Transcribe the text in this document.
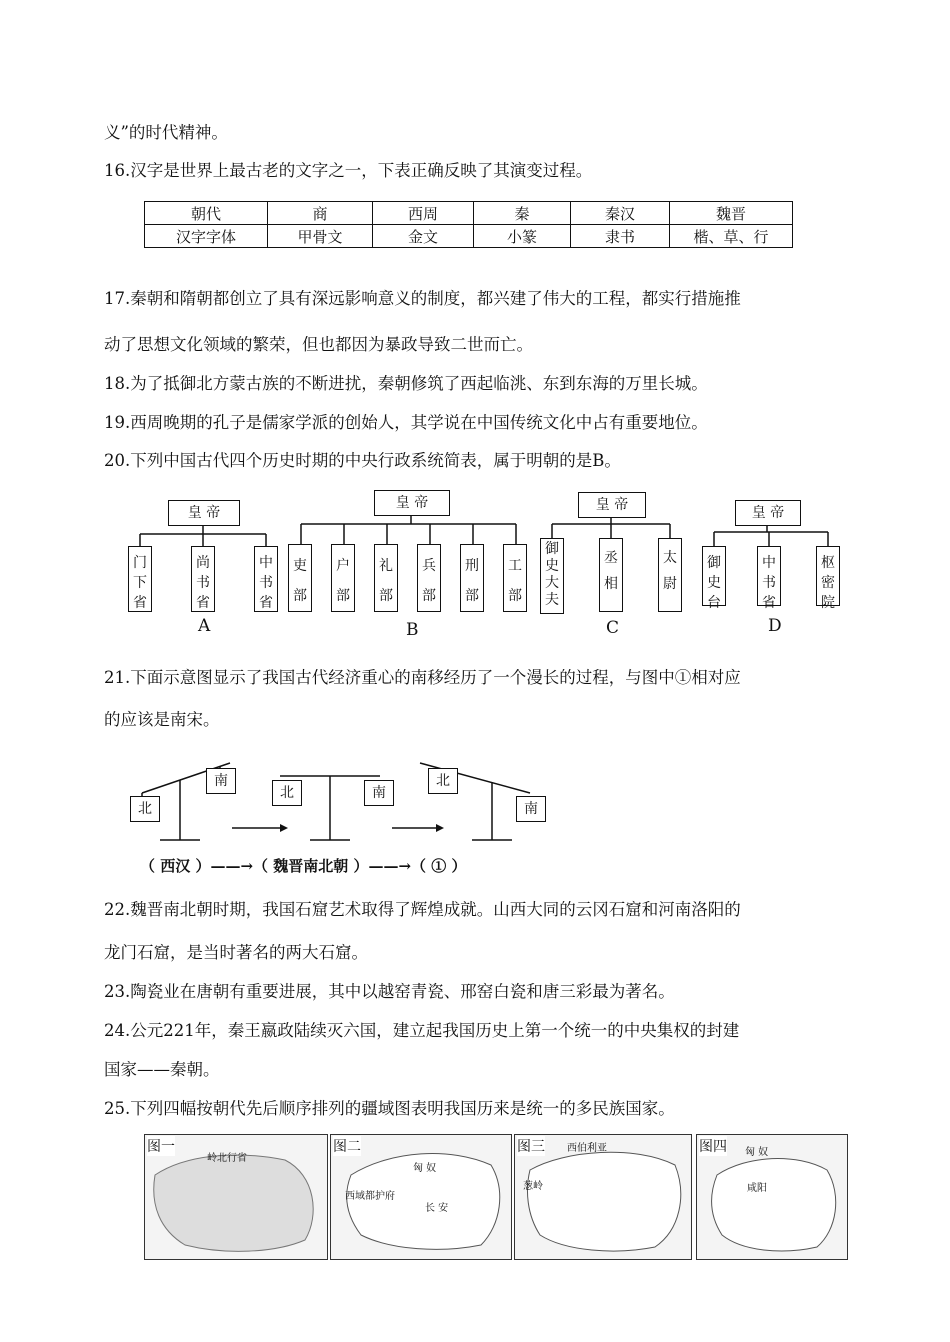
义”的时代精神。
16.汉字是世界上最古老的文字之一，下表正确反映了其演变过程。
朝代	商	西周	秦	秦汉	魏晋
汉字字体	甲骨文	金文	小篆	隶书	楷、草、行
17.秦朝和隋朝都创立了具有深远影响意义的制度，都兴建了伟大的工程，都实行措施推
动了思想文化领域的繁荣，但也都因为暴政导致二世而亡。
18.为了抵御北方蒙古族的不断进扰，秦朝修筑了西起临洮、东到东海的万里长城。
19.西周晚期的孔子是儒家学派的创始人，其学说在中国传统文化中占有重要地位。
20.下列中国古代四个历史时期的中央行政系统简表，属于明朝的是B。
皇 帝
门下省
尚书省
中书省
A
皇 帝
吏部
户部
礼部
兵部
刑部
工部
B
皇 帝
御史大夫
丞相
太尉
C
皇 帝
御史台
中书省
枢密院
D
21.下面示意图显示了我国古代经济重心的南移经历了一个漫长的过程，与图中①相对应
的应该是南宋。
北
南
北	南
北
南
（ 西汉 ）——→（ 魏晋南北朝 ）——→（ ① ）
22.魏晋南北朝时期，我国石窟艺术取得了辉煌成就。山西大同的云冈石窟和河南洛阳的
龙门石窟，是当时著名的两大石窟。
23.陶瓷业在唐朝有重要进展，其中以越窑青瓷、邢窑白瓷和唐三彩最为著名。
24.公元221年，秦王嬴政陆续灭六国，建立起我国历史上第一个统一的中央集权的封建
国家——秦朝。
25.下列四幅按朝代先后顺序排列的疆域图表明我国历来是统一的多民族国家。
图一
岭北行省
图二
匈 奴
西域都护府
长 安
图三 西伯利亚
葱岭
图四 匈 奴
咸阳
